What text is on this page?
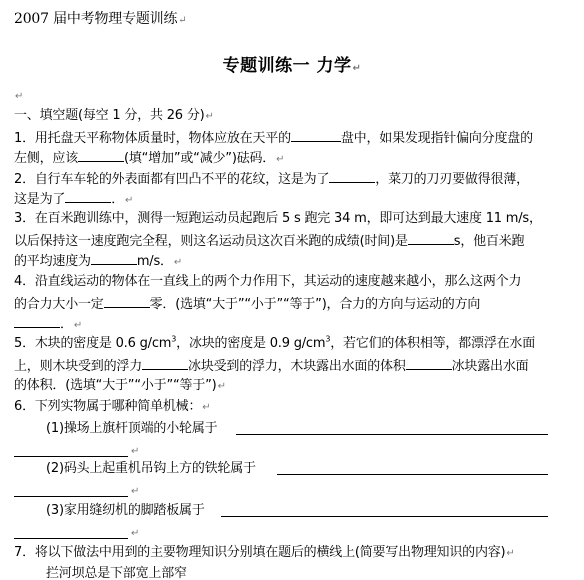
2007 届中考物理专题训练↵
专题训练一 力学↵
↵
一、填空题(每空 1 分，共 26 分)↵
1．用托盘天平称物体质量时，物体应放在天平的	盘中，如果发现指针偏向分度盘的
左侧，应该	(填“增加”或“减少”)砝码．↵
2．自行车车轮的外表面都有凹凸不平的花纹，这是为了	，菜刀的刀刃要做得很薄，
这是为了	．↵
3．在百米跑训练中，测得一短跑运动员起跑后 5 s 跑完 34 m，即可达到最大速度 11 m/s，
以后保持这一速度跑完全程，则这名运动员这次百米跑的成绩(时间)是	s，他百米跑
的平均速度为	m/s．↵
4．沿直线运动的物体在一直线上的两个力作用下，其运动的速度越来越小，那么这两个力
的合力大小一定	零．(选填“大于”“小于”“等于”)，合力的方向与运动的方向
．↵
5．木块的密度是 0.6 $g/cm^3$，冰块的密度是 0.9 $g/cm^3$，若它们的体积相等，都漂浮在水面
上，则木块受到的浮力	冰块受到的浮力，木块露出水面的体积	冰块露出水面
的体积．(选填“大于”“小于”“等于”)↵
6．下列实物属于哪种简单机械：↵
(1)操场上旗杆顶端的小轮属于
↵
(2)码头上起重机吊钩上方的铁轮属于
↵
(3)家用缝纫机的脚踏板属于
↵
7．将以下做法中用到的主要物理知识分别填在题后的横线上(简要写出物理知识的内容)↵
拦河坝总是下部宽上部窄
